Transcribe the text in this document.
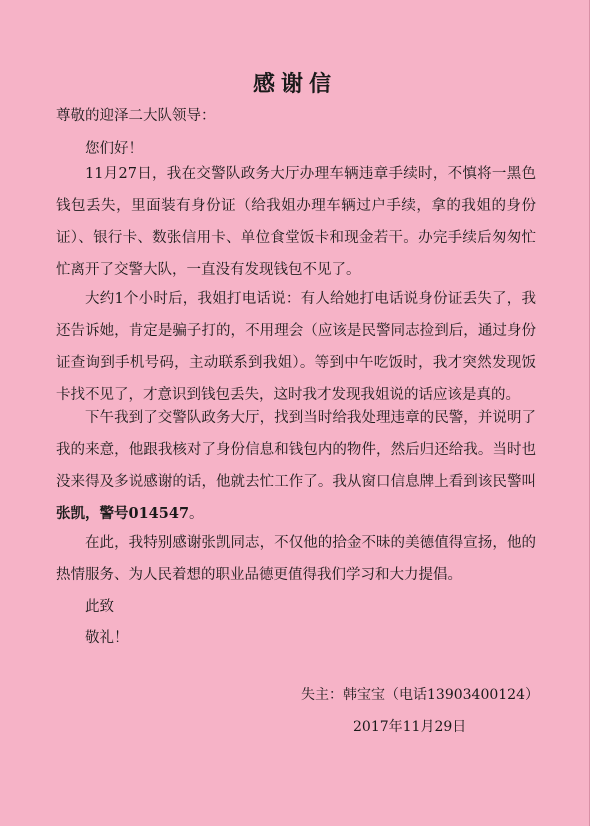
感谢信
尊敬的迎泽二大队领导：
您们好！
11月27日，我在交警队政务大厅办理车辆违章手续时，不慎将一黑色钱包丢失，里面装有身份证（给我姐办理车辆过户手续，拿的我姐的身份证）、银行卡、数张信用卡、单位食堂饭卡和现金若干。办完手续后匆匆忙忙离开了交警大队，一直没有发现钱包不见了。
大约1个小时后，我姐打电话说：有人给她打电话说身份证丢失了，我还告诉她，肯定是骗子打的，不用理会（应该是民警同志捡到后，通过身份证查询到手机号码，主动联系到我姐）。等到中午吃饭时，我才突然发现饭卡找不见了，才意识到钱包丢失，这时我才发现我姐说的话应该是真的。
下午我到了交警队政务大厅，找到当时给我处理违章的民警，并说明了我的来意，他跟我核对了身份信息和钱包内的物件，然后归还给我。当时也没来得及多说感谢的话，他就去忙工作了。我从窗口信息牌上看到该民警叫张凯，警号014547。
在此，我特别感谢张凯同志，不仅他的拾金不昧的美德值得宣扬，他的热情服务、为人民着想的职业品德更值得我们学习和大力提倡。
此致
敬礼！
失主：韩宝宝（电话13903400124）
2017年11月29日
